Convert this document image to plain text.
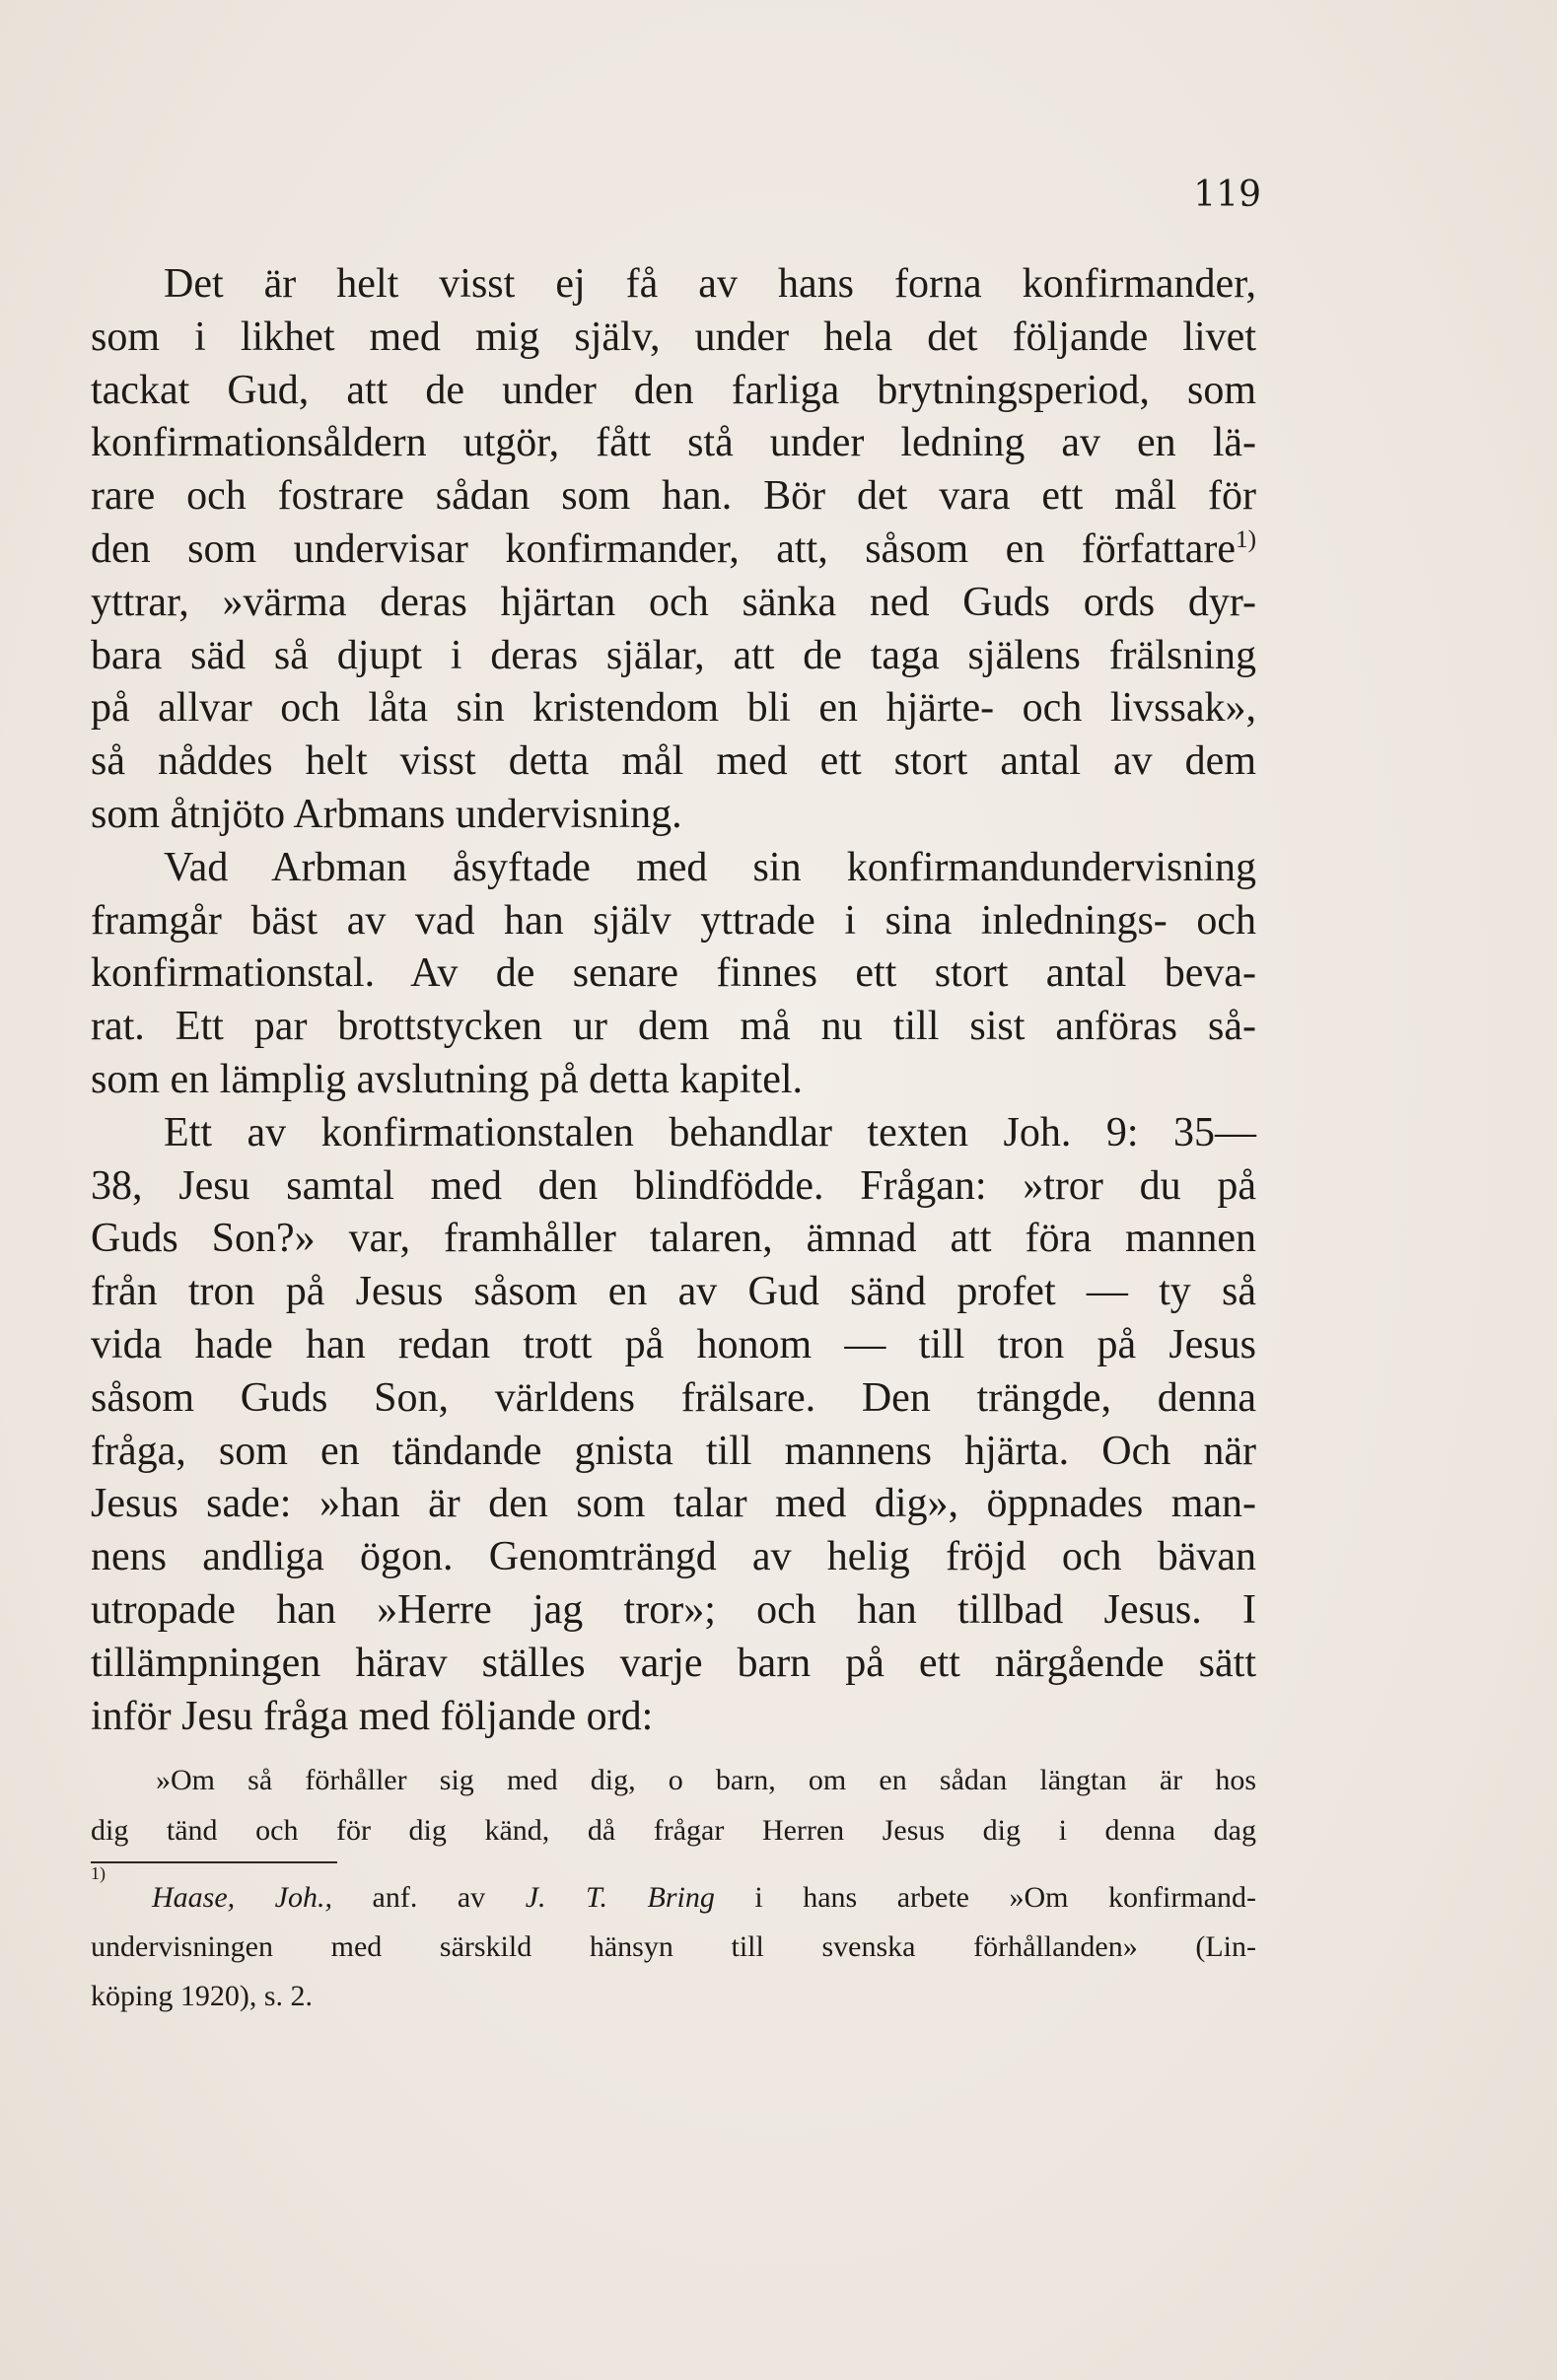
119
Det är helt visst ej få av hans forna konfirmander,
som i likhet med mig själv, under hela det följande livet
tackat Gud, att de under den farliga brytningsperiod, som
konfirmationsåldern utgör, fått stå under ledning av en lä-
rare och fostrare sådan som han. Bör det vara ett mål för
den som undervisar konfirmander, att, såsom en författare$^{1)}$
yttrar, »värma deras hjärtan och sänka ned Guds ords dyr-
bara säd så djupt i deras själar, att de taga själens frälsning
på allvar och låta sin kristendom bli en hjärte- och livssak»,
så nåddes helt visst detta mål med ett stort antal av dem
som åtnjöto Arbmans undervisning.
Vad Arbman åsyftade med sin konfirmandundervisning
framgår bäst av vad han själv yttrade i sina inlednings- och
konfirmationstal. Av de senare finnes ett stort antal beva-
rat. Ett par brottstycken ur dem må nu till sist anföras så-
som en lämplig avslutning på detta kapitel.
Ett av konfirmationstalen behandlar texten Joh. 9: 35—
38, Jesu samtal med den blindfödde. Frågan: »tror du på
Guds Son?» var, framhåller talaren, ämnad att föra mannen
från tron på Jesus såsom en av Gud sänd profet — ty så
vida hade han redan trott på honom — till tron på Jesus
såsom Guds Son, världens frälsare. Den trängde, denna
fråga, som en tändande gnista till mannens hjärta. Och när
Jesus sade: »han är den som talar med dig», öppnades man-
nens andliga ögon. Genomträngd av helig fröjd och bävan
utropade han »Herre jag tror»; och han tillbad Jesus. I
tillämpningen härav ställes varje barn på ett närgående sätt
inför Jesu fråga med följande ord:
»Om så förhåller sig med dig, o barn, om en sådan längtan är hos
dig tänd och för dig känd, då frågar Herren Jesus dig i denna dag
1)
Haase, Joh., anf. av J. T. Bring i hans arbete »Om konfirmand-
undervisningen med särskild hänsyn till svenska förhållanden» (Lin-
köping 1920), s. 2.
